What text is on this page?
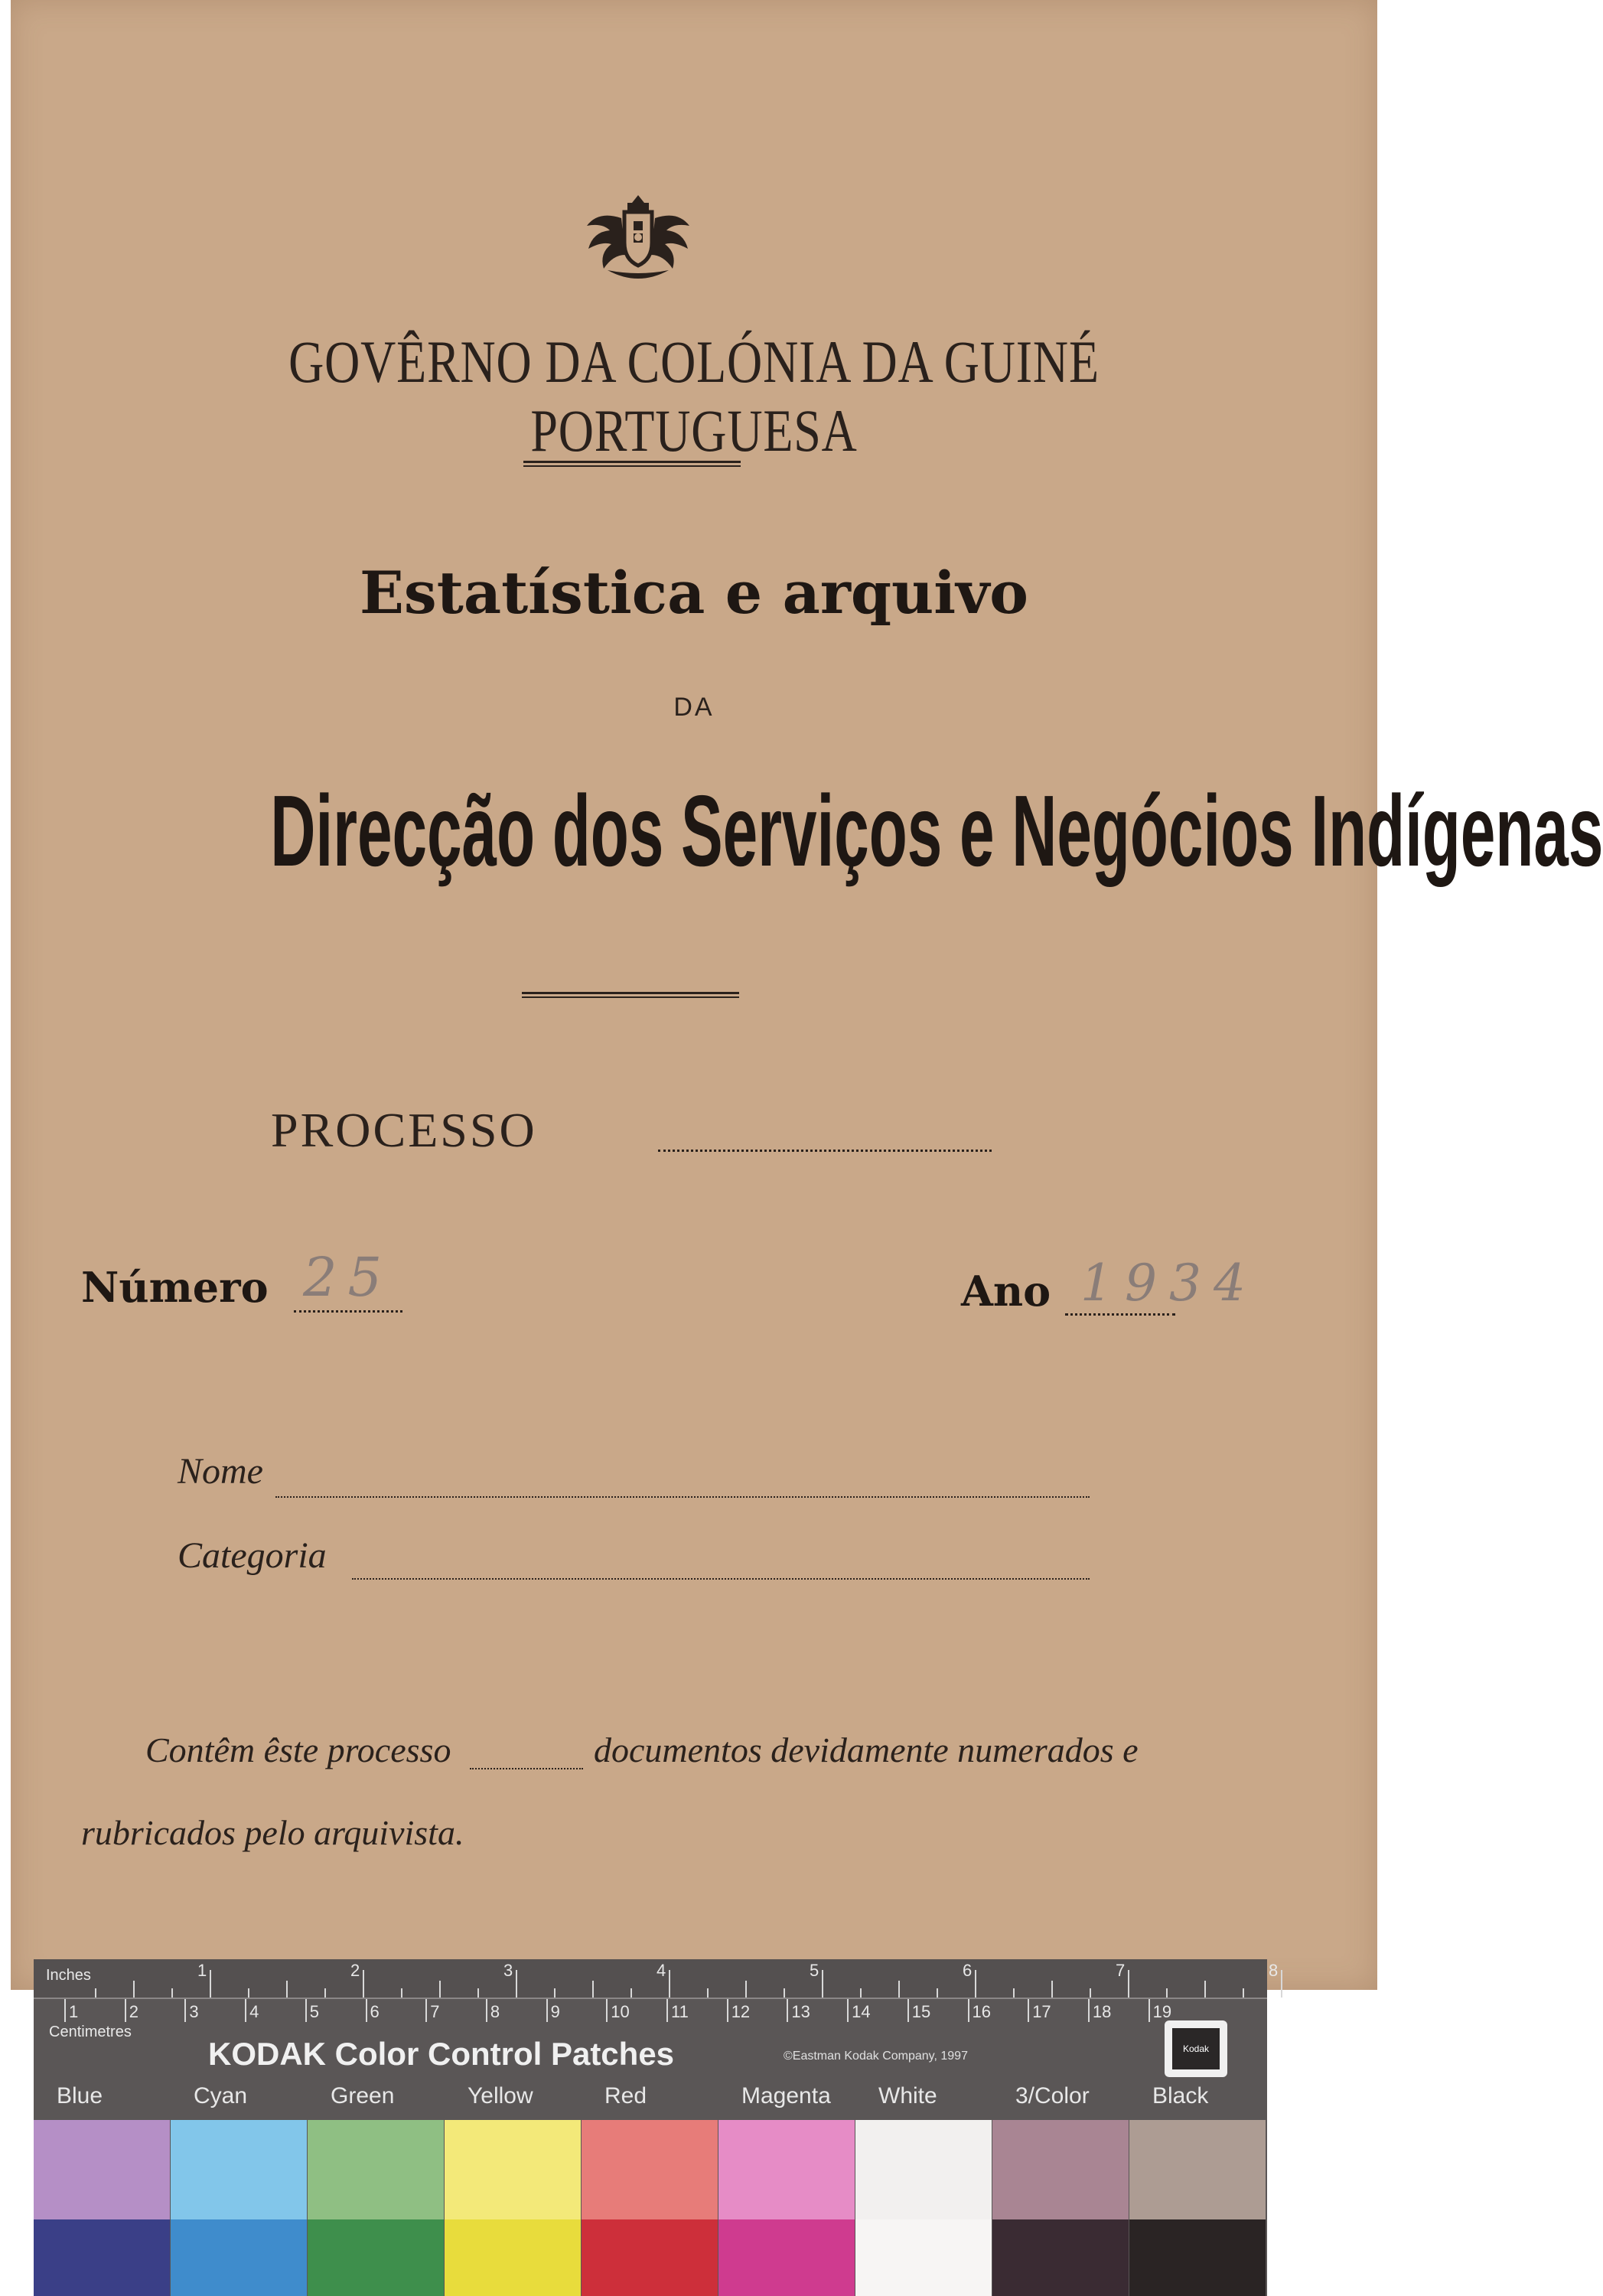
GOVÊRNO DA COLÓNIA DA GUINÉ PORTUGUESA
Estatística e arquivo
DA
Direcção dos Serviços e Negócios Indígenas
PROCESSO
Número 25	Ano 1934
Nome
Categoria
Contêm êste processo	documentos devidamente numerados e
rubricados pelo arquivista.
Inches
Centimetres
KODAK Color Control Patches	©Eastman Kodak Company, 1997
Kodak
Blue	Cyan	Green	Yellow	Red	Magenta White	3/Color	Black
1	2	3	4	5	6	7	8
1	2	3	4	5	6	7	8	9	10 11	12 13 14 15 16 17 18 19
